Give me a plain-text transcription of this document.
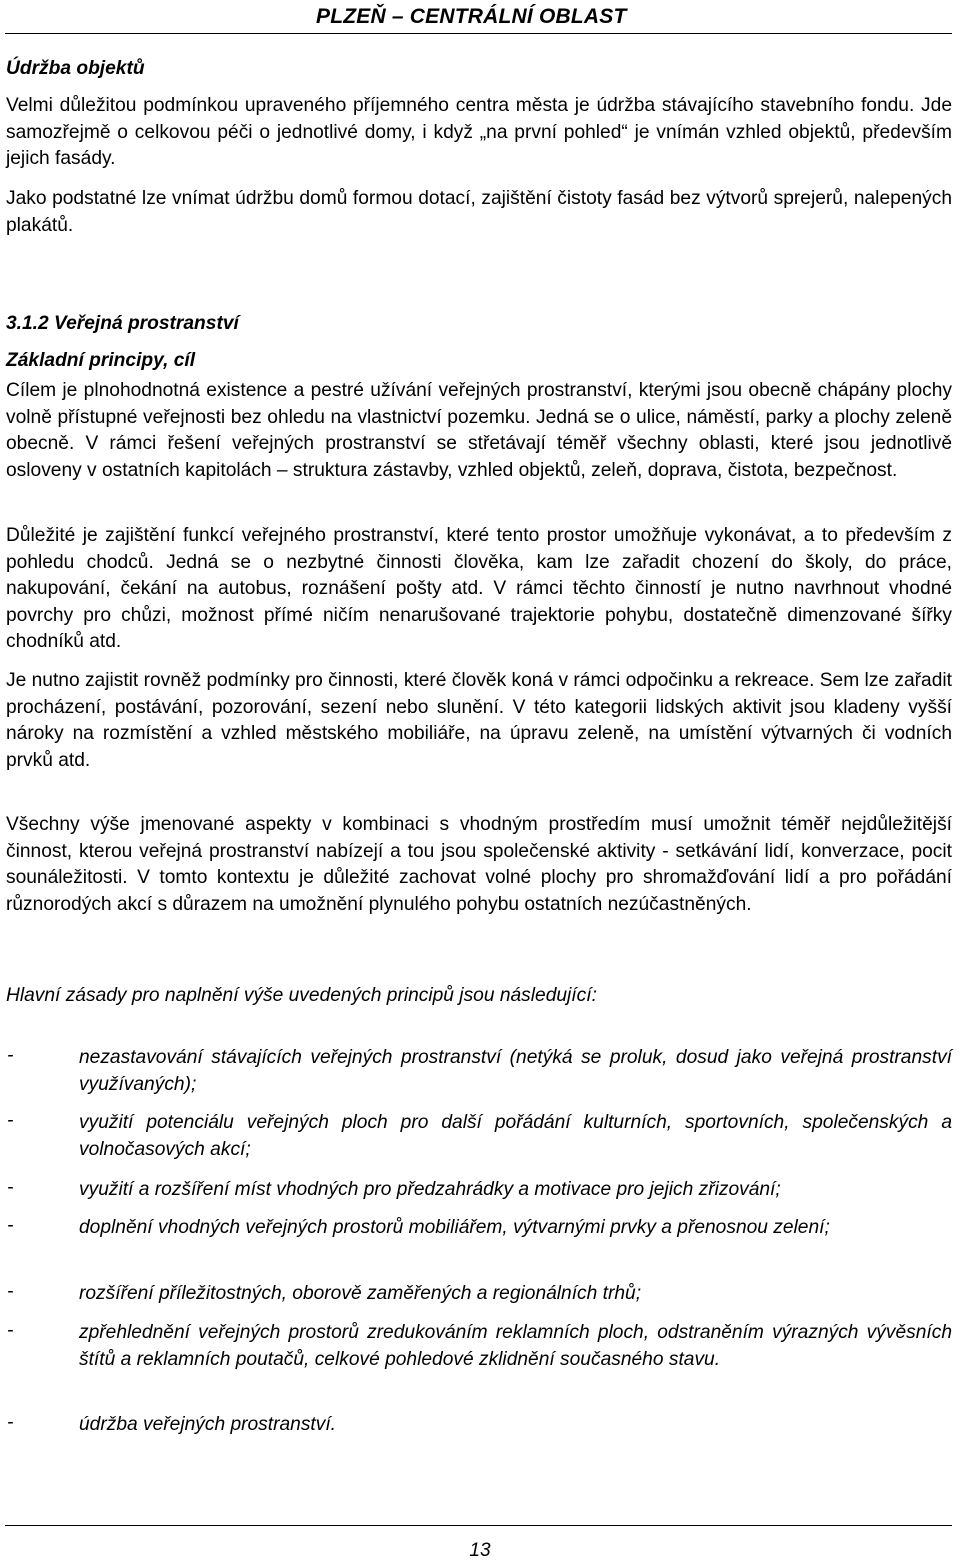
PLZEŇ – CENTRÁLNÍ OBLAST
Údržba objektů
Velmi důležitou podmínkou upraveného příjemného centra města je údržba stávajícího stavebního fondu. Jde samozřejmě o celkovou péči o jednotlivé domy, i když „na první pohled“ je vnímán vzhled objektů, především jejich fasády.
Jako podstatné lze vnímat údržbu domů formou dotací, zajištění čistoty fasád bez výtvorů sprejerů, nalepených plakátů.
3.1.2 Veřejná prostranství
Základní principy, cíl
Cílem je plnohodnotná existence a pestré užívání veřejných prostranství, kterými jsou obecně chápány plochy volně přístupné veřejnosti bez ohledu na vlastnictví pozemku. Jedná se o ulice, náměstí, parky a plochy zeleně obecně. V rámci řešení veřejných prostranství se střetávají téměř všechny oblasti, které jsou jednotlivě osloveny v ostatních kapitolách – struktura zástavby, vzhled objektů, zeleň, doprava, čistota, bezpečnost.
Důležité je zajištění funkcí veřejného prostranství, které tento prostor umožňuje vykonávat, a to především z pohledu chodců. Jedná se o nezbytné činnosti člověka, kam lze zařadit chození do školy, do práce, nakupování, čekání na autobus, roznášení pošty atd. V rámci těchto činností je nutno navrhnout vhodné povrchy pro chůzi, možnost přímé ničím nenarušované trajektorie pohybu, dostatečně dimenzované šířky chodníků atd.
Je nutno zajistit rovněž podmínky pro činnosti, které člověk koná v rámci odpočinku a rekreace. Sem lze zařadit procházení, postávání, pozorování, sezení nebo slunění. V této kategorii lidských aktivit jsou kladeny vyšší nároky na rozmístění a vzhled městského mobiliáře, na úpravu zeleně, na umístění výtvarných či vodních prvků atd.
Všechny výše jmenované aspekty v kombinaci s vhodným prostředím musí umožnit téměř nejdůležitější činnost, kterou veřejná prostranství nabízejí a tou jsou společenské aktivity - setkávání lidí, konverzace, pocit sounáležitosti. V tomto kontextu je důležité zachovat volné plochy pro shromažďování lidí a pro pořádání různorodých akcí s důrazem na umožnění plynulého pohybu ostatních nezúčastněných.
Hlavní zásady pro naplnění výše uvedených principů jsou následující:
-	nezastavování stávajících veřejných prostranství (netýká se proluk, dosud jako veřejná prostranství využívaných);
-	využití potenciálu veřejných ploch pro další pořádání kulturních, sportovních, společenských a volnočasových akcí;
-	využití a rozšíření míst vhodných pro předzahrádky a motivace pro jejich zřizování;
-	doplnění vhodných veřejných prostorů mobiliářem, výtvarnými prvky a přenosnou zelení;
-	rozšíření příležitostných, oborově zaměřených a regionálních trhů;
-	zpřehlednění veřejných prostorů zredukováním reklamních ploch, odstraněním výrazných vývěsních štítů a reklamních poutačů, celkové pohledové zklidnění současného stavu.
-	údržba veřejných prostranství.
13
